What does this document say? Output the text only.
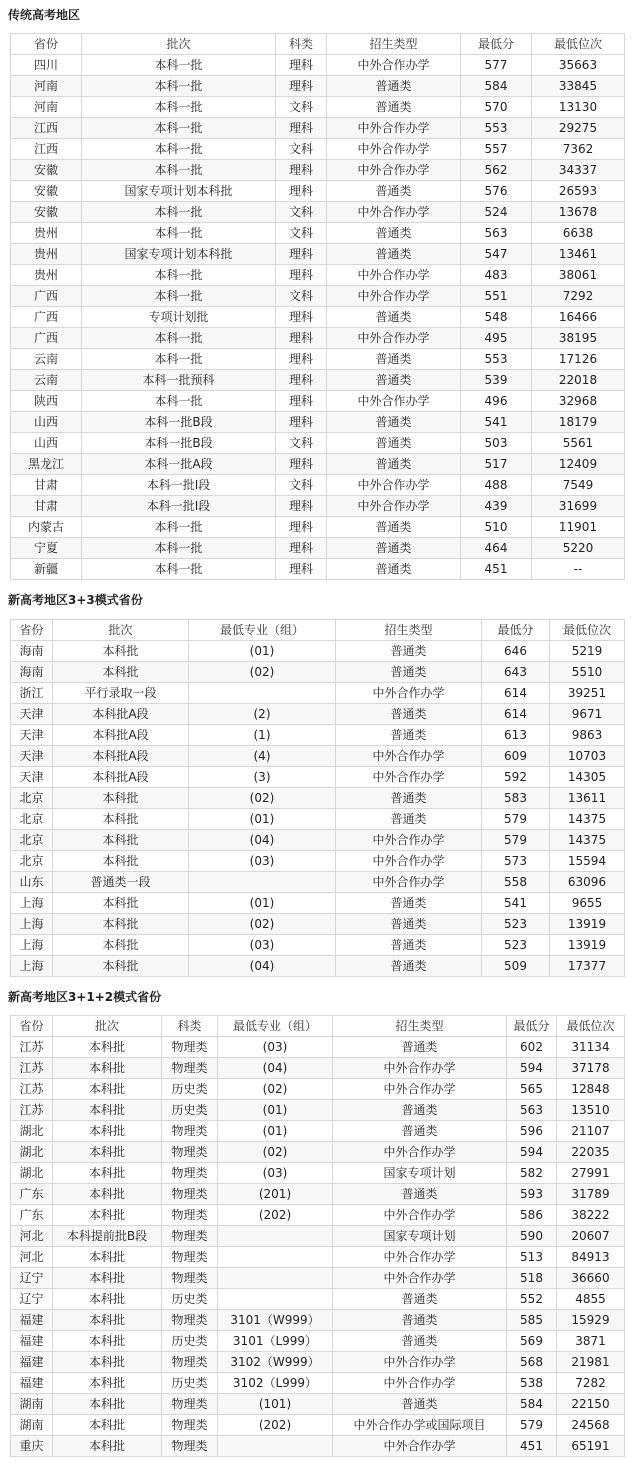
传统高考地区
省份	批次	科类	招生类型	最低分	最低位次
四川	本科一批	理科	中外合作办学	577	35663
河南	本科一批	理科	普通类	584	33845
河南	本科一批	文科	普通类	570	13130
江西	本科一批	理科	中外合作办学	553	29275
江西	本科一批	文科	中外合作办学	557	7362
安徽	本科一批	理科	中外合作办学	562	34337
安徽	国家专项计划本科批	理科	普通类	576	26593
安徽	本科一批	文科	中外合作办学	524	13678
贵州	本科一批	文科	普通类	563	6638
贵州	国家专项计划本科批	理科	普通类	547	13461
贵州	本科一批	理科	中外合作办学	483	38061
广西	本科一批	文科	中外合作办学	551	7292
广西	专项计划批	理科	普通类	548	16466
广西	本科一批	理科	中外合作办学	495	38195
云南	本科一批	理科	普通类	553	17126
云南	本科一批预科	理科	普通类	539	22018
陕西	本科一批	理科	中外合作办学	496	32968
山西	本科一批B段	理科	普通类	541	18179
山西	本科一批B段	文科	普通类	503	5561
黑龙江	本科一批A段	理科	普通类	517	12409
甘肃	本科一批I段	文科	中外合作办学	488	7549
甘肃	本科一批I段	理科	中外合作办学	439	31699
内蒙古	本科一批	理科	普通类	510	11901
宁夏	本科一批	理科	普通类	464	5220
新疆	本科一批	理科	普通类	451	--
新高考地区3+3模式省份
省份	批次	最低专业（组）	招生类型	最低分	最低位次
海南	本科批	(01)	普通类	646	5219
海南	本科批	(02)	普通类	643	5510
浙江	平行录取一段		中外合作办学	614	39251
天津	本科批A段	(2)	普通类	614	9671
天津	本科批A段	(1)	普通类	613	9863
天津	本科批A段	(4)	中外合作办学	609	10703
天津	本科批A段	(3)	中外合作办学	592	14305
北京	本科批	(02)	普通类	583	13611
北京	本科批	(01)	普通类	579	14375
北京	本科批	(04)	中外合作办学	579	14375
北京	本科批	(03)	中外合作办学	573	15594
山东	普通类一段		中外合作办学	558	63096
上海	本科批	(01)	普通类	541	9655
上海	本科批	(02)	普通类	523	13919
上海	本科批	(03)	普通类	523	13919
上海	本科批	(04)	普通类	509	17377
新高考地区3+1+2模式省份
省份	批次	科类	最低专业（组）	招生类型	最低分	最低位次
江苏	本科批	物理类	(03)	普通类	602	31134
江苏	本科批	物理类	(04)	中外合作办学	594	37178
江苏	本科批	历史类	(02)	中外合作办学	565	12848
江苏	本科批	历史类	(01)	普通类	563	13510
湖北	本科批	物理类	(01)	普通类	596	21107
湖北	本科批	物理类	(02)	中外合作办学	594	22035
湖北	本科批	物理类	(03)	国家专项计划	582	27991
广东	本科批	物理类	(201)	普通类	593	31789
广东	本科批	物理类	(202)	中外合作办学	586	38222
河北	本科提前批B段	物理类		国家专项计划	590	20607
河北	本科批	物理类		中外合作办学	513	84913
辽宁	本科批	物理类		中外合作办学	518	36660
辽宁	本科批	历史类		普通类	552	4855
福建	本科批	物理类	3101（W999）	普通类	585	15929
福建	本科批	历史类	3101（L999）	普通类	569	3871
福建	本科批	物理类	3102（W999）	中外合作办学	568	21981
福建	本科批	历史类	3102（L999）	中外合作办学	538	7282
湖南	本科批	物理类	(101)	普通类	584	22150
湖南	本科批	物理类	(202)	中外合作办学或国际项目	579	24568
重庆	本科批	物理类		中外合作办学	451	65191
